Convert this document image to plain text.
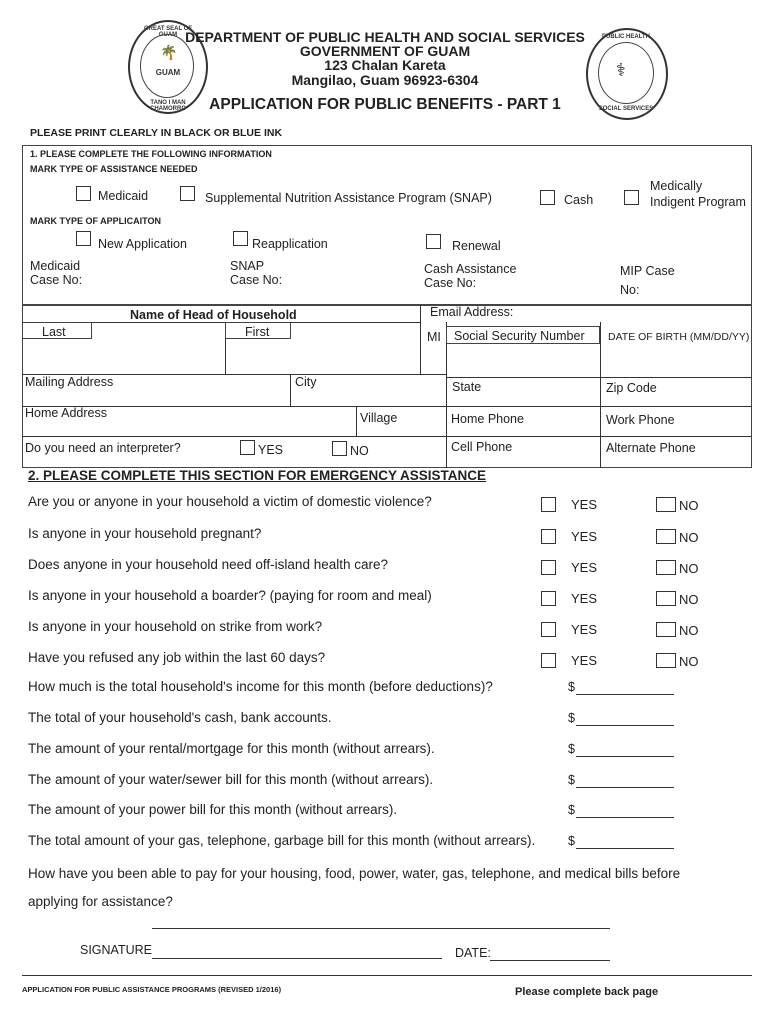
GREAT SEAL OF GUAM
🌴
GUAM
TANO I MAN CHAMORRO
DEPARTMENT OF PUBLIC HEALTH AND SOCIAL SERVICES
GOVERNMENT OF GUAM
123 Chalan Kareta
Mangilao, Guam 96923-6304
APPLICATION FOR PUBLIC BENEFITS - PART 1
PUBLIC HEALTH
⚕
SOCIAL SERVICES
PLEASE PRINT CLEARLY IN BLACK OR BLUE INK
1. PLEASE COMPLETE THE FOLLOWING INFORMATION
MARK TYPE OF ASSISTANCE NEEDED
Medicaid	Supplemental Nutrition Assistance Program (SNAP)	Cash
Medically
Indigent Program
MARK TYPE OF APPLICAITON
New Application	Reapplication	Renewal
Medicaid
Case No:
SNAP
Case No:
Cash Assistance
Case No:
MIP Case
No:
Name of Head of Household	Email Address:
Last	First	MI Social Security Number DATE OF BIRTH (MM/DD/YY)
Mailing Address	City	State	Zip Code
Home Address	Village	Home Phone	Work Phone
Do you need an interpreter?	YES	NO	Cell Phone	Alternate Phone
2. PLEASE COMPLETE THIS SECTION FOR EMERGENCY ASSISTANCE
Are you or anyone in your household a victim of domestic violence?	YES	NO
Is anyone in your household pregnant?	YES	NO
Does anyone in your household need off-island health care?	YES	NO
Is anyone in your household a boarder? (paying for room and meal)	YES	NO
Is anyone in your household on strike from work?	YES	NO
Have you refused any job within the last 60 days?	YES	NO
How much is the total household's income for this month (before deductions)?	$
The total of your household's cash, bank accounts.	$
The amount of your rental/mortgage for this month (without arrears).	$
The amount of your water/sewer bill for this month (without arrears).	$
The amount of your power bill for this month (without arrears).	$
The total amount of your gas, telephone, garbage bill for this month (without arrears).	$
How have you been able to pay for your housing, food, power, water, gas, telephone, and medical bills before
applying for assistance?
SIGNATURE	DATE:
APPLICATION FOR PUBLIC ASSISTANCE PROGRAMS (REVISED 1/2016)	Please complete back page
